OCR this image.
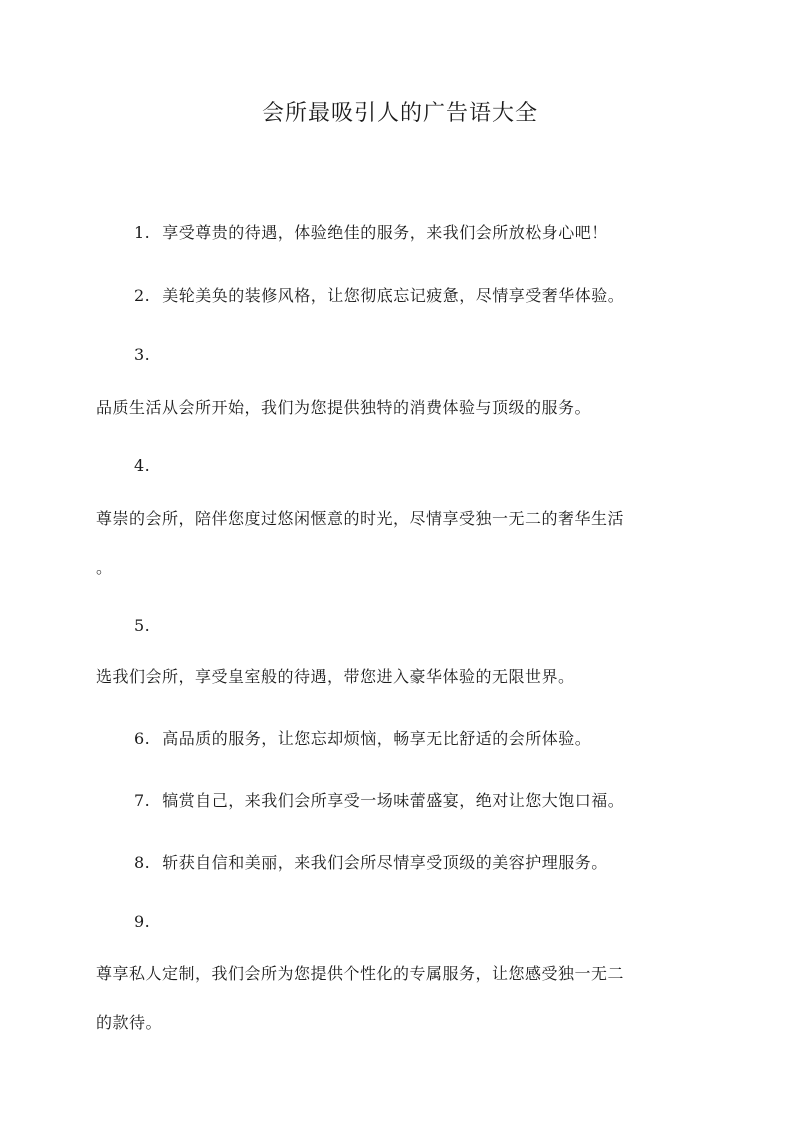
会所最吸引人的广告语大全
1. 享受尊贵的待遇，体验绝佳的服务，来我们会所放松身心吧！
2. 美轮美奂的装修风格，让您彻底忘记疲惫，尽情享受奢华体验。
3.
品质生活从会所开始，我们为您提供独特的消费体验与顶级的服务。
4.
尊崇的会所，陪伴您度过悠闲惬意的时光，尽情享受独一无二的奢华生活
。
5.
选我们会所，享受皇室般的待遇，带您进入豪华体验的无限世界。
6. 高品质的服务，让您忘却烦恼，畅享无比舒适的会所体验。
7. 犒赏自己，来我们会所享受一场味蕾盛宴，绝对让您大饱口福。
8. 斩获自信和美丽，来我们会所尽情享受顶级的美容护理服务。
9.
尊享私人定制，我们会所为您提供个性化的专属服务，让您感受独一无二
的款待。
